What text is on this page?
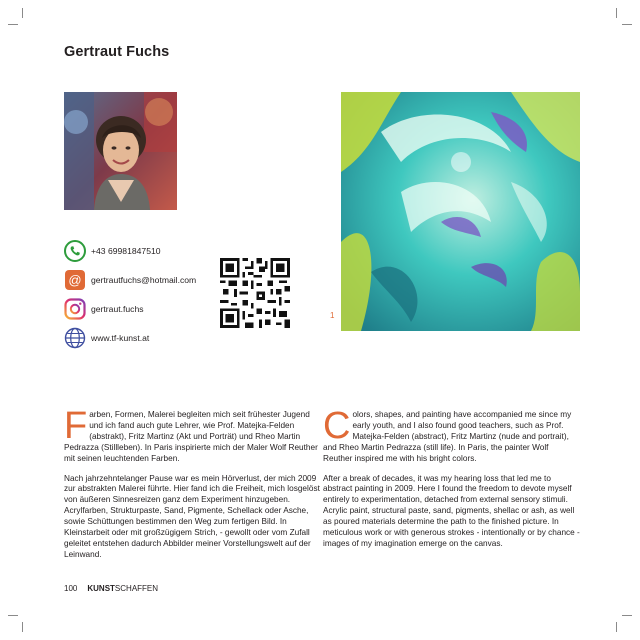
Gertraut Fuchs
1
+43 69981847510
@ gertrautfuchs@hotmail.com
gertraut.fuchs
www.tf-kunst.at

Farben, Formen, Malerei begleiten mich seit frühester Jugend und ich fand auch gute Lehrer, wie Prof. Matejka-Felden (abstrakt), Fritz Martinz (Akt und Porträt) und Rheo Martin Pedrazza (Stillleben). In Paris inspirierte mich der Maler Wolf Reuther mit seinen leuchtenden Farben.

Nach jahrzehntelanger Pause war es mein Hörverlust, der mich 2009 zur abstrakten Malerei führte. Hier fand ich die Freiheit, mich losgelöst von äußeren Sinnesreizen ganz dem Experiment hinzugeben. Acrylfarben, Strukturpaste, Sand, Pigmente, Schellack oder Asche, sowie Schüttungen bestimmen den Weg zum fertigen Bild. In Kleinstarbeit oder mit großzügigem Strich, - gewollt oder vom Zufall geleitet entstehen dadurch Abbilder meiner Vorstellungswelt auf der Leinwand.

Colors, shapes, and painting have accompanied me since my early youth, and I also found good teachers, such as Prof. Matejka-Felden (abstract), Fritz Martinz (nude and portrait), and Rheo Martin Pedrazza (still life). In Paris, the painter Wolf Reuther inspired me with his bright colors.

After a break of decades, it was my hearing loss that led me to abstract painting in 2009. Here I found the freedom to devote myself entirely to experimentation, detached from external sensory stimuli. Acrylic paint, structural paste, sand, pigments, shellac or ash, as well as poured materials determine the path to the finished picture. In meticulous work or with generous strokes - intentionally or by chance - images of my imagination emerge on the canvas.

100 KUNSTSCHAFFEN
